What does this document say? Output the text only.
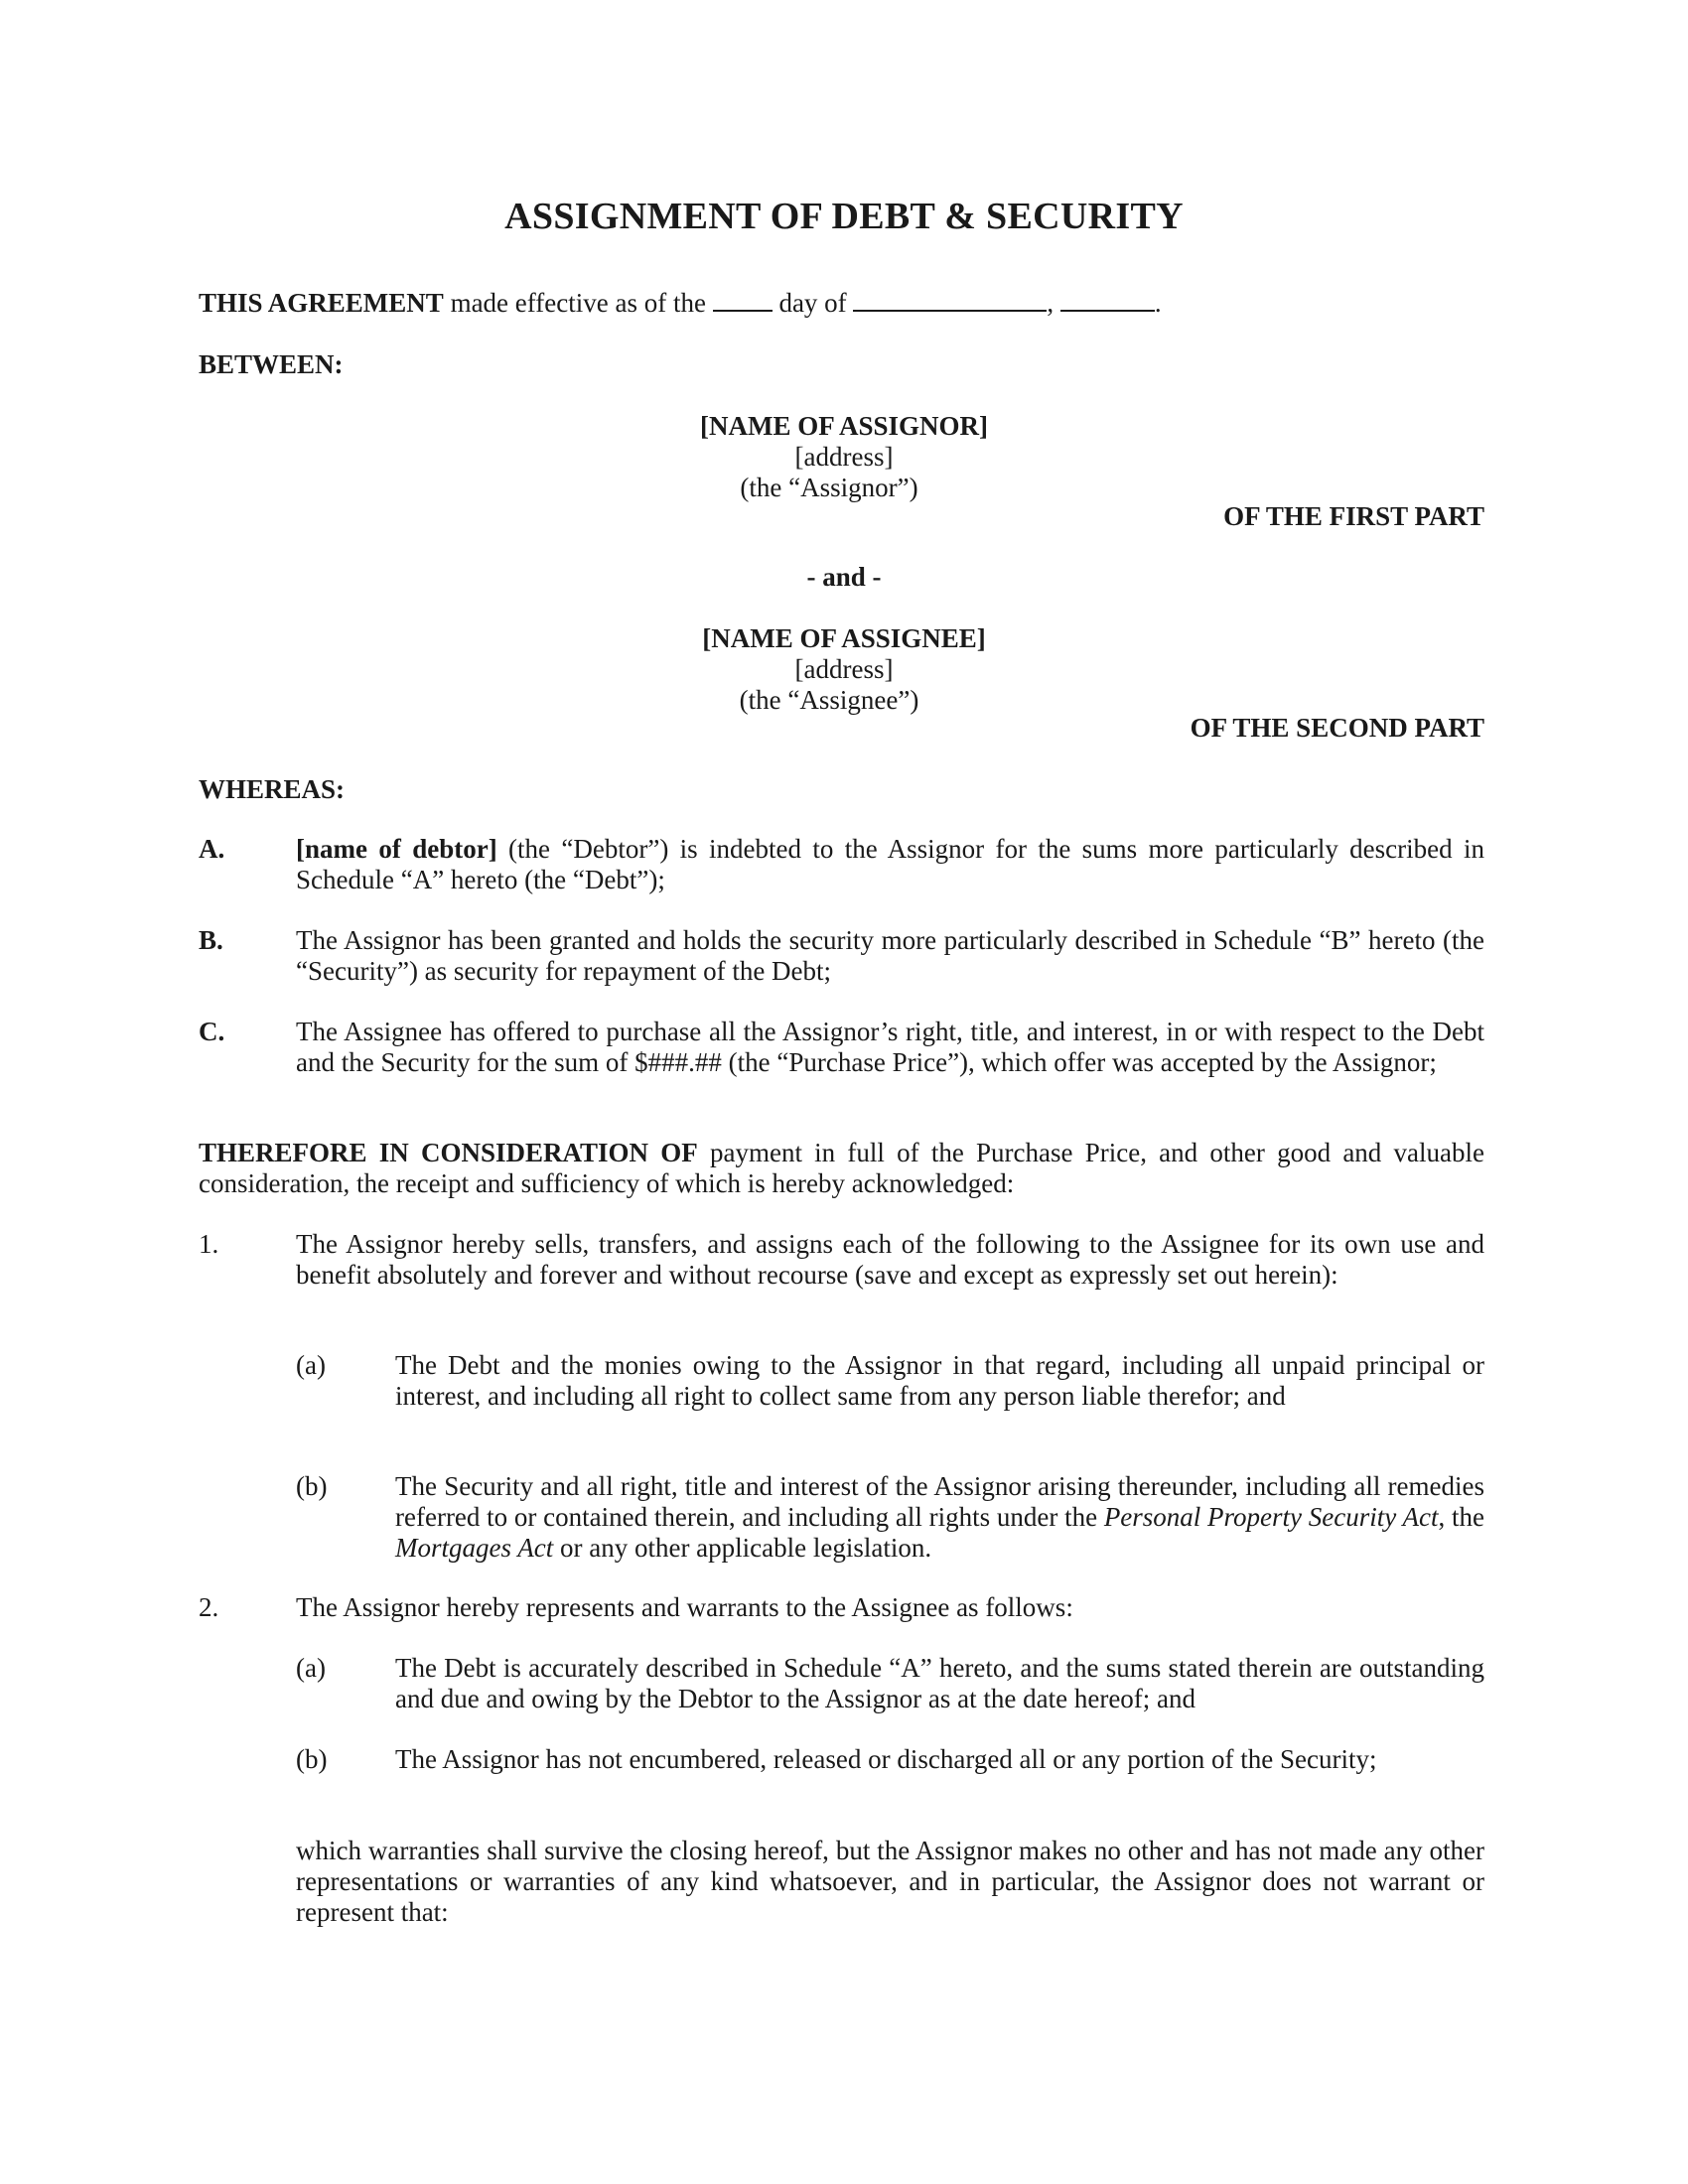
ASSIGNMENT OF DEBT & SECURITY
THIS AGREEMENT made effective as of the  day of	,	.
BETWEEN:
[NAME OF ASSIGNOR]
[address]
(the “Assignor”)
OF THE FIRST PART
- and -
[NAME OF ASSIGNEE]
[address]
(the “Assignee”)
OF THE SECOND PART
WHEREAS:
A.	[name of debtor] (the “Debtor”) is indebted to the Assignor for the sums more particularly described in Schedule “A” hereto (the “Debt”);
B.	The Assignor has been granted and holds the security more particularly described in Schedule “B” hereto (the “Security”) as security for repayment of the Debt;
C.	The Assignee has offered to purchase all the Assignor’s right, title, and interest, in or with respect to the Debt and the Security for the sum of $###.## (the “Purchase Price”), which offer was accepted by the Assignor;
THEREFORE IN CONSIDERATION OF payment in full of the Purchase Price, and other good and valuable consideration, the receipt and sufficiency of which is hereby acknowledged:
1.	The Assignor hereby sells, transfers, and assigns each of the following to the Assignee for its own use and benefit absolutely and forever and without recourse (save and except as expressly set out herein):
(a)	The Debt and the monies owing to the Assignor in that regard, including all unpaid principal or interest, and including all right to collect same from any person liable therefor; and
(b)	The Security and all right, title and interest of the Assignor arising thereunder, including all remedies referred to or contained therein, and including all rights under the Personal Property Security Act, the Mortgages Act or any other applicable legislation.
2.	The Assignor hereby represents and warrants to the Assignee as follows:
(a)	The Debt is accurately described in Schedule “A” hereto, and the sums stated therein are outstanding and due and owing by the Debtor to the Assignor as at the date hereof; and
(b)	The Assignor has not encumbered, released or discharged all or any portion of the Security;
which warranties shall survive the closing hereof, but the Assignor makes no other and has not made any other representations or warranties of any kind whatsoever, and in particular, the Assignor does not warrant or represent that:
